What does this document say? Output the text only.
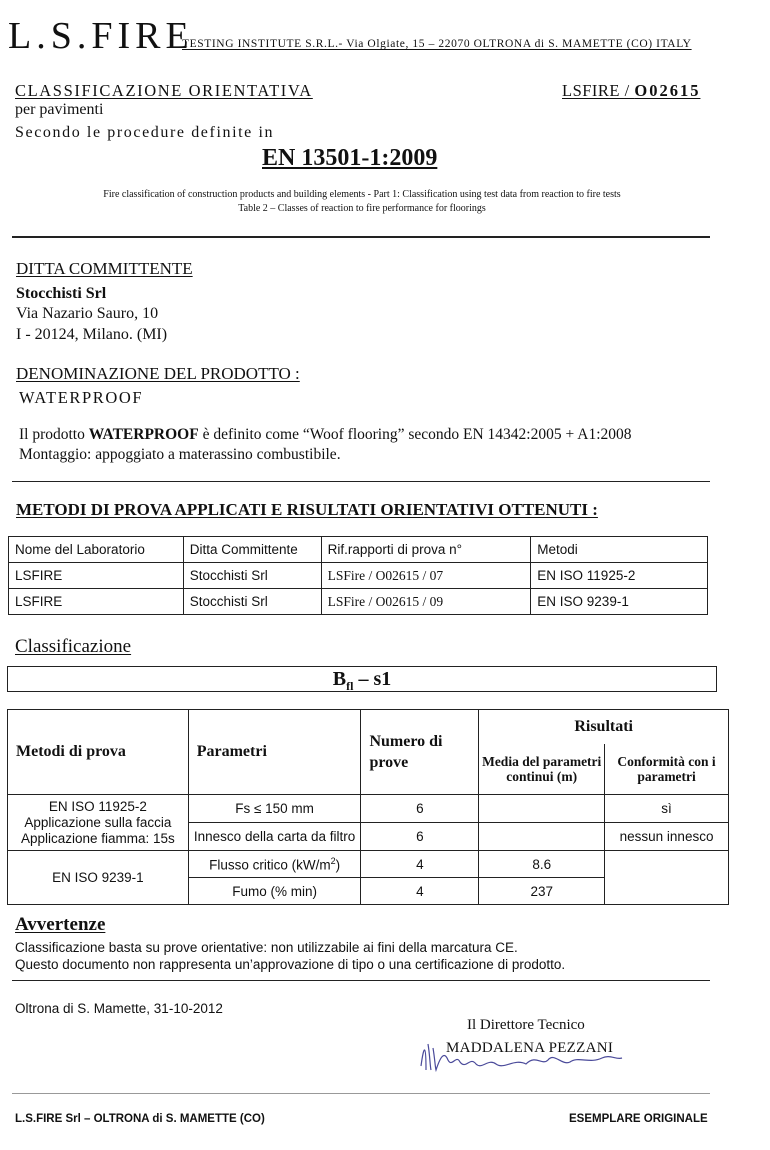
L.S.FIRE
TESTING INSTITUTE S.R.L.- Via Olgiate, 15 – 22070 OLTRONA di S. MAMETTE (CO) ITALY
CLASSIFICAZIONE ORIENTATIVA	LSFIRE / O02615
per pavimenti
Secondo le procedure definite in
EN 13501-1:2009
Fire classification of construction products and building elements - Part 1: Classification using test data from reaction to fire tests
Table 2 – Classes of reaction to fire performance for floorings
DITTA COMMITTENTE
Stocchisti Srl
Via Nazario Sauro, 10
I - 20124, Milano. (MI)
DENOMINAZIONE DEL PRODOTTO :
WATERPROOF
Il prodotto WATERPROOF è definito come “Woof flooring” secondo EN 14342:2005 + A1:2008
Montaggio: appoggiato a materassino combustibile.
METODI DI PROVA APPLICATI E RISULTATI ORIENTATIVI OTTENUTI :
Nome del Laboratorio	Ditta Committente	Rif.rapporti di prova n°	Metodi
LSFIRE	Stocchisti Srl	LSFire / O02615 / 07	EN ISO 11925-2
LSFIRE	Stocchisti Srl	LSFire / O02615 / 09	EN ISO 9239-1
Classificazione
$B_{fl} - s1$
Metodi di prova	Parametri	Numero di prove	Risultati	
			Media del parametri continui (m)	Conformità con i parametri

EN ISO 11925-2
Applicazione sulla faccia
Applicazione fiamma: 15s	Fs ≤ 150 mm	6		sì
	Innesco della carta da filtro	6		nessun innesco
EN ISO 9239-1	Flusso critico $(kW/m^2)$	4	8.6	
	Fumo (% min)	4	237	
Avvertenze
Classificazione basta su prove orientative: non utilizzabile ai fini della marcatura CE.
Questo documento non rappresenta un’approvazione di tipo o una certificazione di prodotto.
Oltrona di S. Mamette, 31-10-2012
Il Direttore Tecnico
MADDALENA PEZZANI
L.S.FIRE Srl – OLTRONA di S. MAMETTE (CO)	ESEMPLARE ORIGINALE
